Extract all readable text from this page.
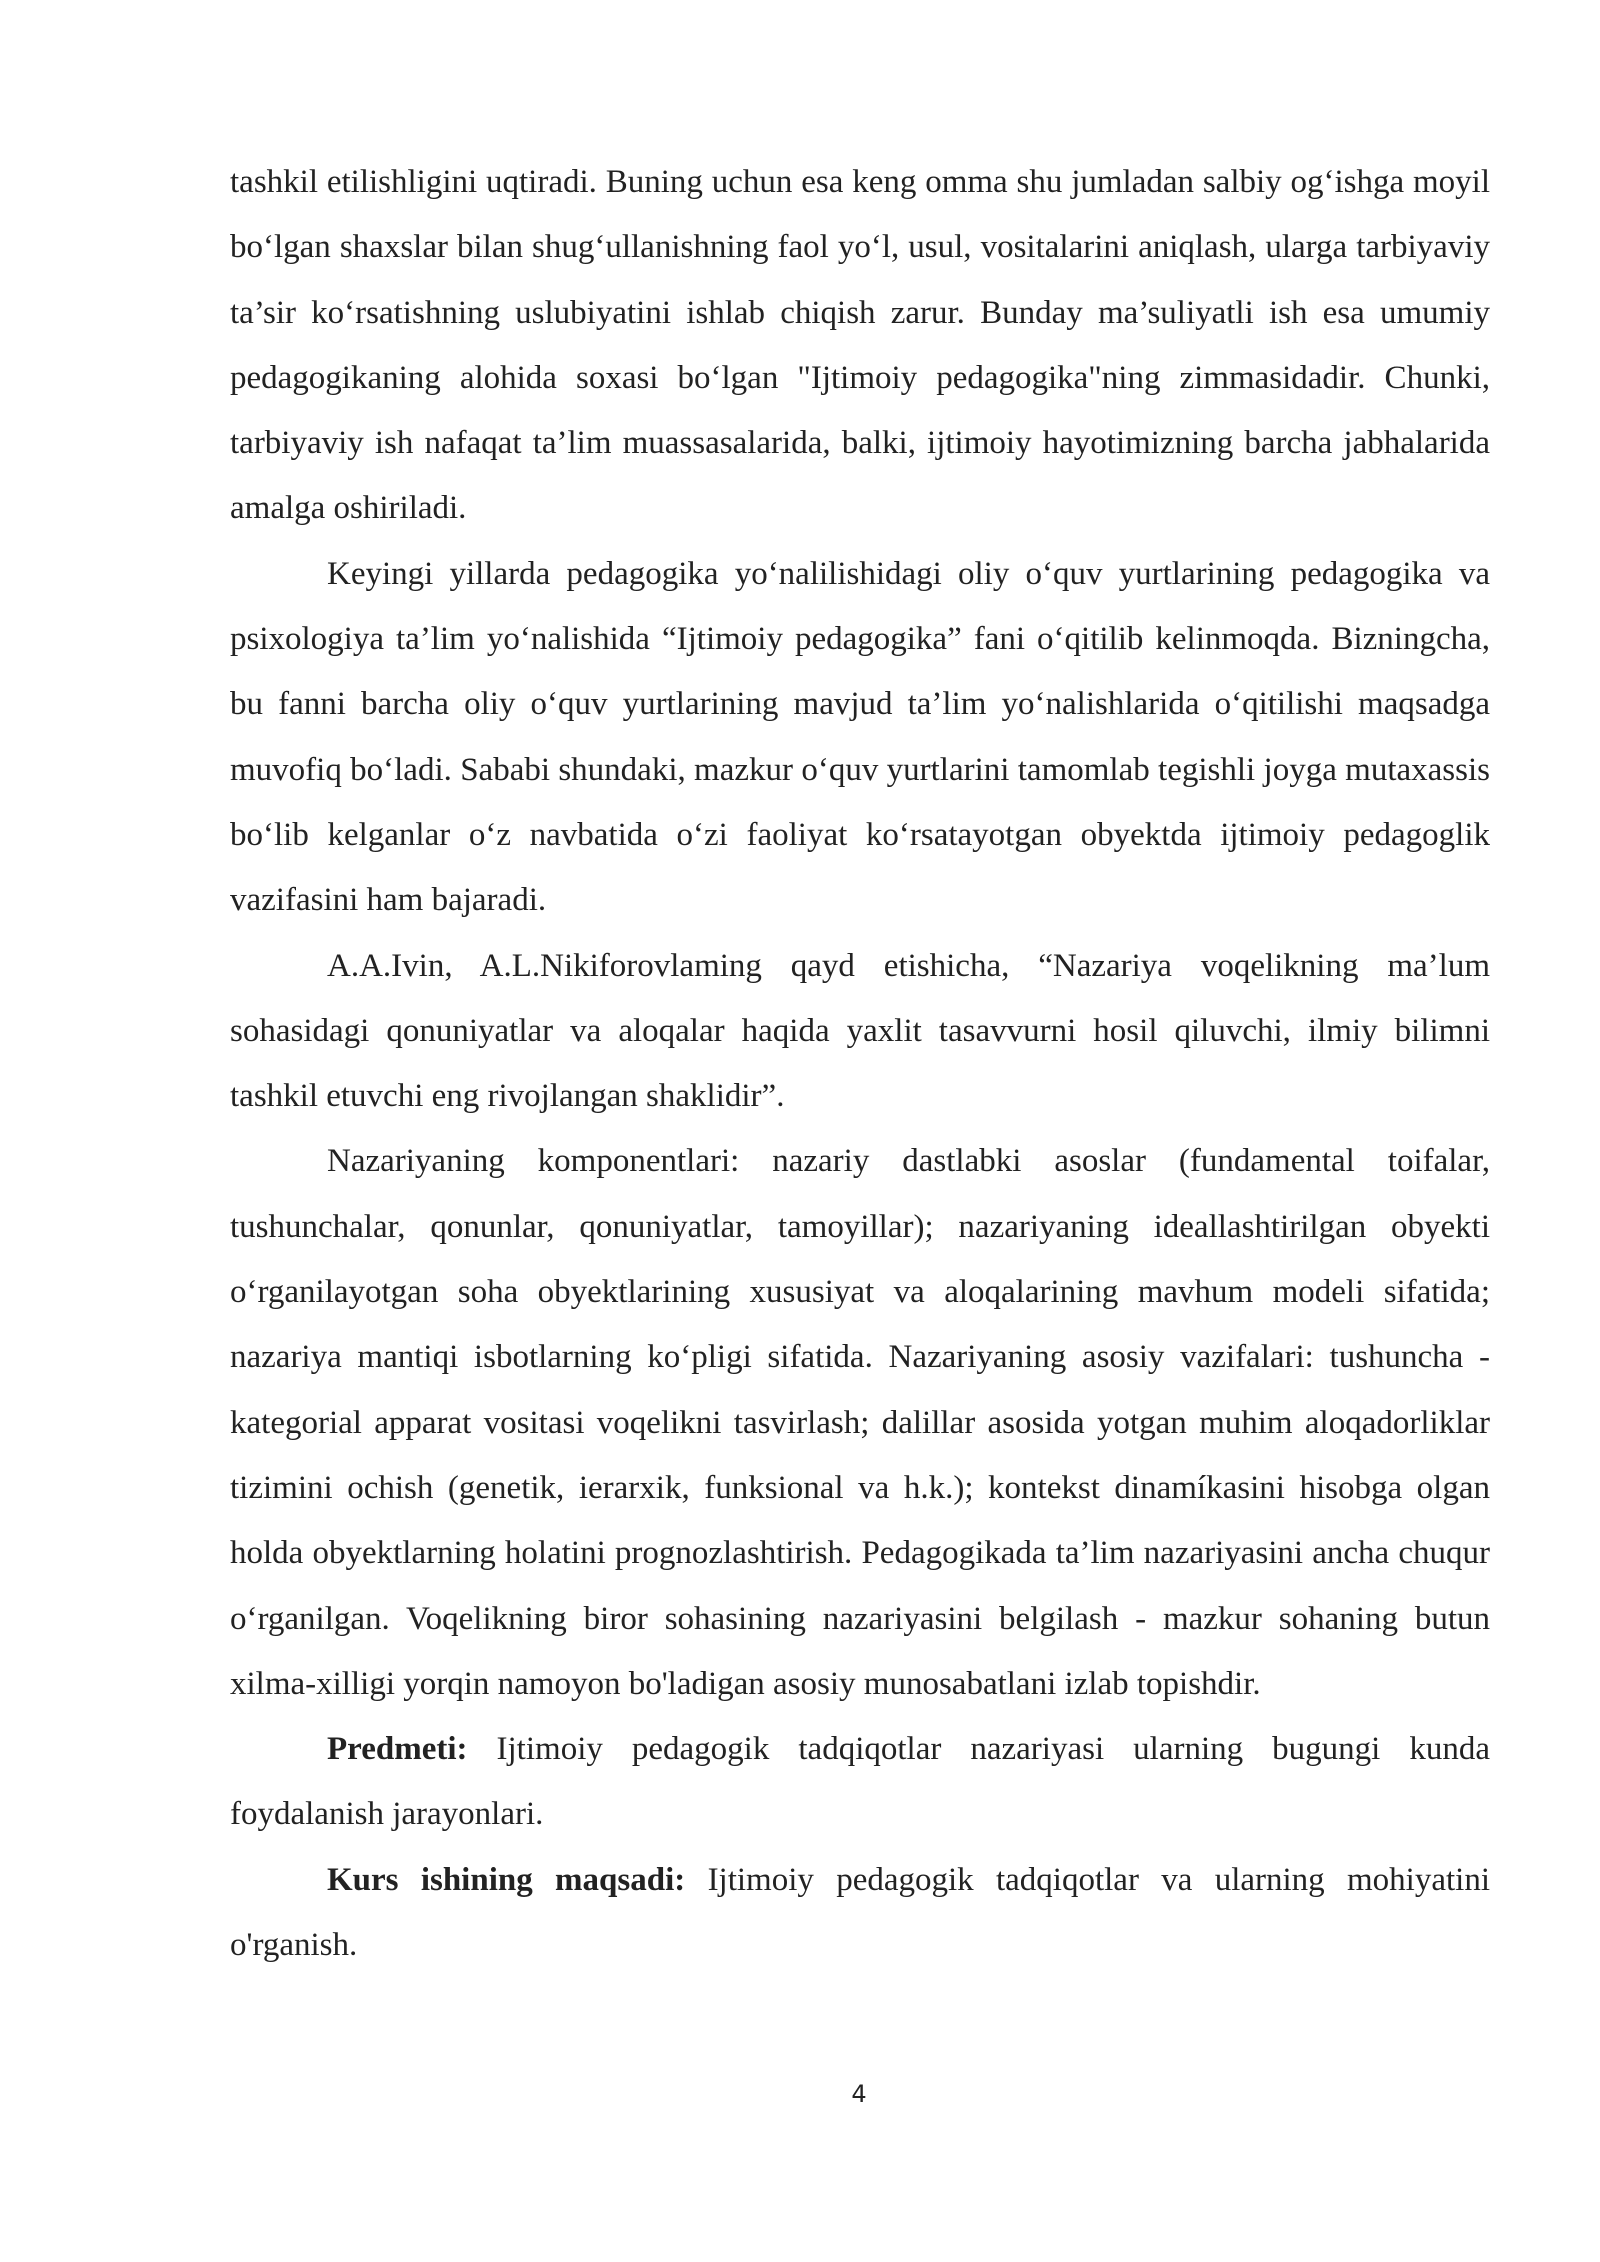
tashkil etilishligini uqtiradi. Buning uchun esa keng omma shu jumladan salbiy og‘ishga moyil bo‘lgan shaxslar bilan shug‘ullanishning faol yo‘l, usul, vositalarini aniqlash, ularga tarbiyaviy ta’sir ko‘rsatishning uslubiyatini ishlab chiqish zarur. Bunday ma’suliyatli ish esa umumiy pedagogikaning alohida soxasi bo‘lgan "Ijtimoiy pedagogika"ning zimmasidadir. Chunki, tarbiyaviy ish nafaqat ta’lim muassasalarida, balki, ijtimoiy hayotimizning barcha jabhalarida amalga oshiriladi.

Keyingi yillarda pedagogika yo‘nalilishidagi oliy o‘quv yurtlarining pedagogika va psixologiya ta’lim yo‘nalishida “Ijtimoiy pedagogika” fani o‘qitilib kelinmoqda. Bizningcha, bu fanni barcha oliy o‘quv yurtlarining mavjud ta’lim yo‘nalishlarida o‘qitilishi maqsadga muvofiq bo‘ladi. Sababi shundaki, mazkur o‘quv yurtlarini tamomlab tegishli joyga mutaxassis bo‘lib kelganlar o‘z navbatida o‘zi faoliyat ko‘rsatayotgan obyektda ijtimoiy pedagoglik vazifasini ham bajaradi.

A.A.Ivin, A.L.Nikiforovlaming qayd etishicha, “Nazariya voqelikning ma’lum sohasidagi qonuniyatlar va aloqalar haqida yaxlit tasavvurni hosil qiluvchi, ilmiy bilimni tashkil etuvchi eng rivojlangan shaklidir”.

Nazariyaning komponentlari: nazariy dastlabki asoslar (fundamental toifalar, tushunchalar, qonunlar, qonuniyatlar, tamoyillar); nazariyaning ideallashtirilgan obyekti o‘rganilayotgan soha obyektlarining xususiyat va aloqalarining mavhum modeli sifatida; nazariya mantiqi isbotlarning ko‘pligi sifatida. Nazariyaning asosiy vazifalari: tushuncha - kategorial apparat vositasi voqelikni tasvirlash; dalillar asosida yotgan muhim aloqadorliklar tizimini ochish (genetik, ierarxik, funksional va h.k.); kontekst dinamíkasini hisobga olgan holda obyektlarning holatini prognozlashtirish. Pedagogikada ta’lim nazariyasini ancha chuqur o‘rganilgan. Voqelikning biror sohasining nazariyasini belgilash - mazkur sohaning butun xilma-xilligi yorqin namoyon bo'ladigan asosiy munosabatlani izlab topishdir.

Predmeti: Ijtimoiy pedagogik tadqiqotlar nazariyasi ularning bugungi kunda foydalanish jarayonlari.

Kurs ishining maqsadi: Ijtimoiy pedagogik tadqiqotlar va ularning mohiyatini o'rganish.

4
